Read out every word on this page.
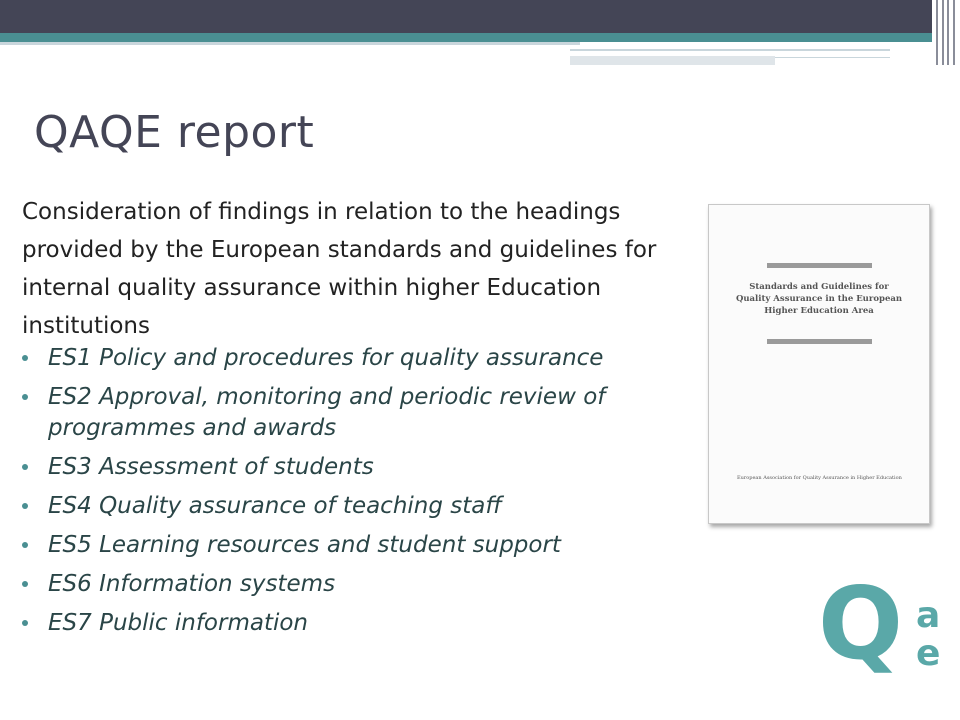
QAQE report
Consideration of findings in relation to the headings provided by the European standards and guidelines for internal quality assurance within higher Education institutions
ES1 Policy and procedures for quality assurance
ES2 Approval, monitoring and periodic review of programmes and awards
ES3 Assessment of students
ES4 Quality assurance of teaching staff
ES5 Learning resources and student support
ES6 Information systems
ES7 Public information
Standards and Guidelines for
Quality Assurance in the European
Higher Education Area
European Association for Quality Assurance in Higher Education
Q a
e
